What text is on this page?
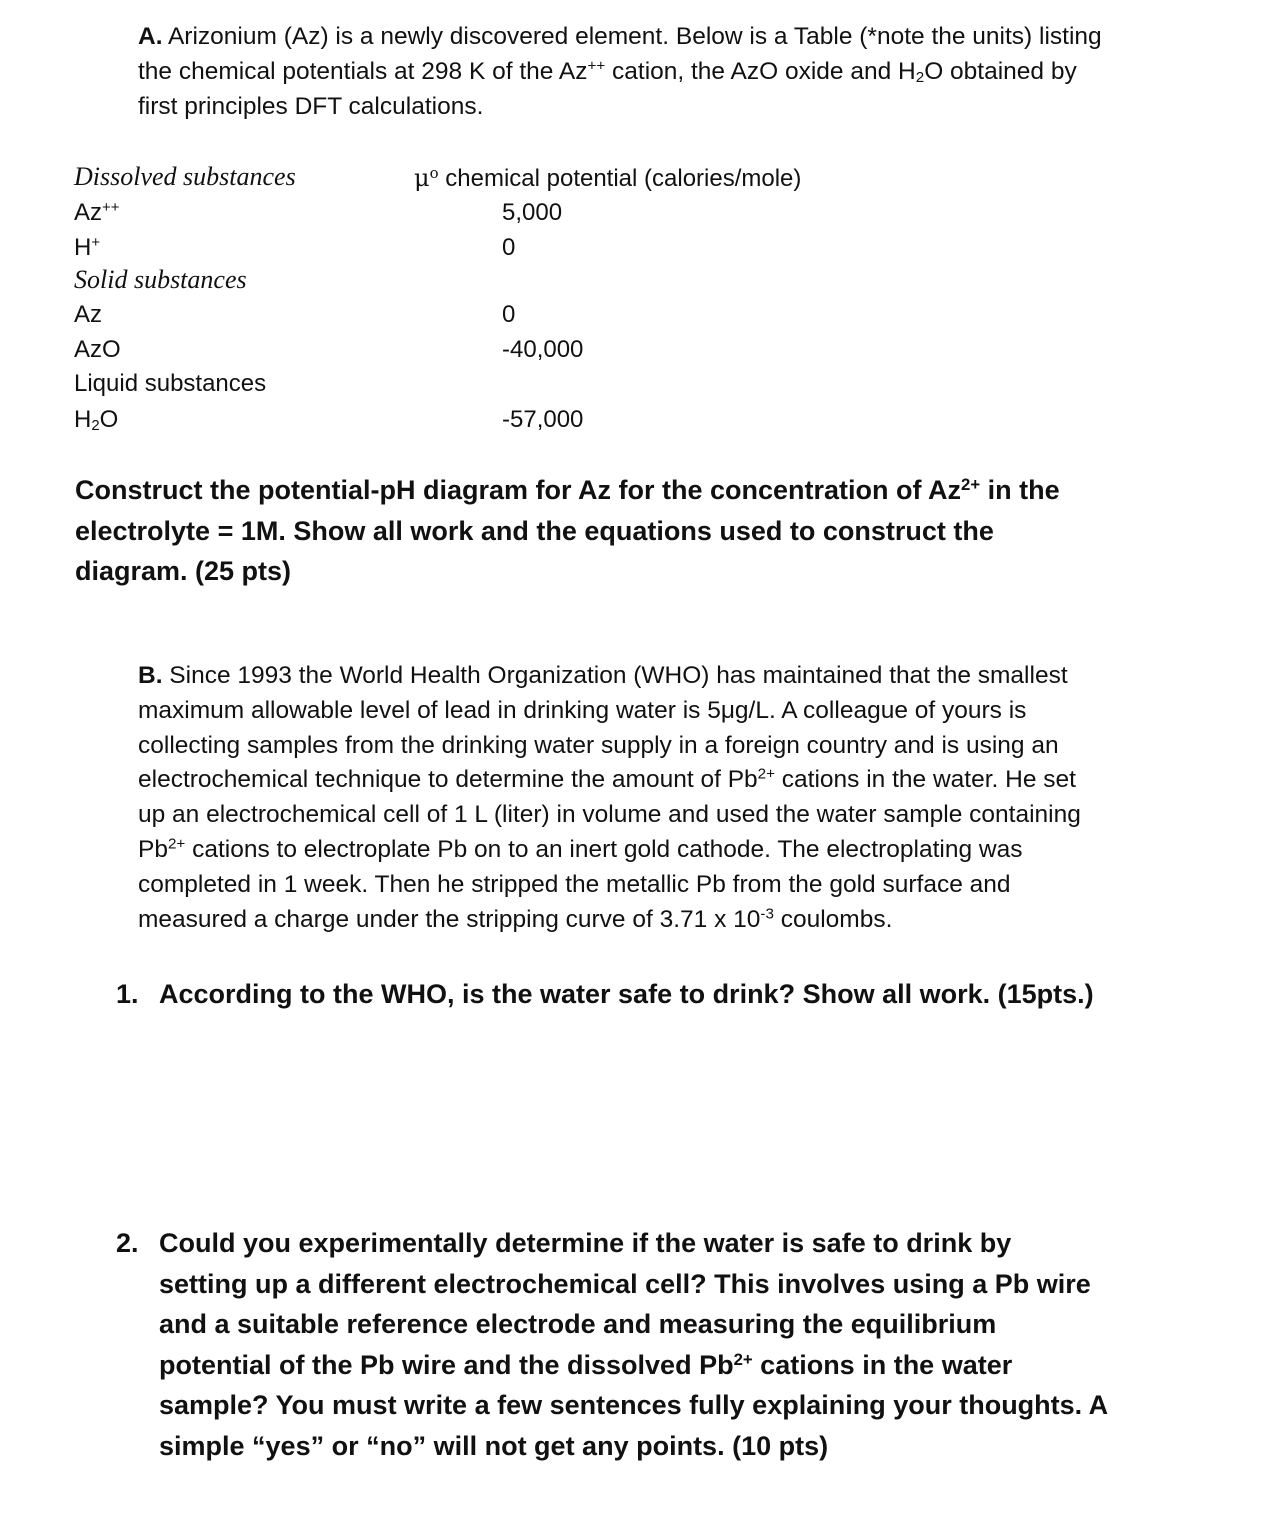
A. Arizonium (Az) is a newly discovered element. Below is a Table (*note the units) listing
the chemical potentials at 298 K of the Az++ cation, the AzO oxide and $H_2O$ obtained by
first principles DFT calculations.
Dissolved substances	$\mu^o$ chemical potential (calories/mole)
Az++	5,000
H+	0
Solid substances
Az	0
AzO	-40,000
Liquid substances
$H_2O$	-57,000
Construct the potential-pH diagram for Az for the concentration of $Az^{2+}$ in the
electrolyte = 1M. Show all work and the equations used to construct the
diagram. (25 pts)
B. Since 1993 the World Health Organization (WHO) has maintained that the smallest
maximum allowable level of lead in drinking water is 5μg/L. A colleague of yours is
collecting samples from the drinking water supply in a foreign country and is using an
electrochemical technique to determine the amount of $Pb^{2+}$ cations in the water. He set
up an electrochemical cell of 1 L (liter) in volume and used the water sample containing
$Pb^{2+}$ cations to electroplate Pb on to an inert gold cathode. The electroplating was
completed in 1 week. Then he stripped the metallic Pb from the gold surface and
measured a charge under the stripping curve of 3.71 x $10^{-3}$ coulombs.
1. According to the WHO, is the water safe to drink? Show all work. (15pts.)
2. Could you experimentally determine if the water is safe to drink by
setting up a different electrochemical cell? This involves using a Pb wire
and a suitable reference electrode and measuring the equilibrium
potential of the Pb wire and the dissolved $Pb^{2+}$ cations in the water
sample? You must write a few sentences fully explaining your thoughts. A
simple “yes” or “no” will not get any points. (10 pts)
